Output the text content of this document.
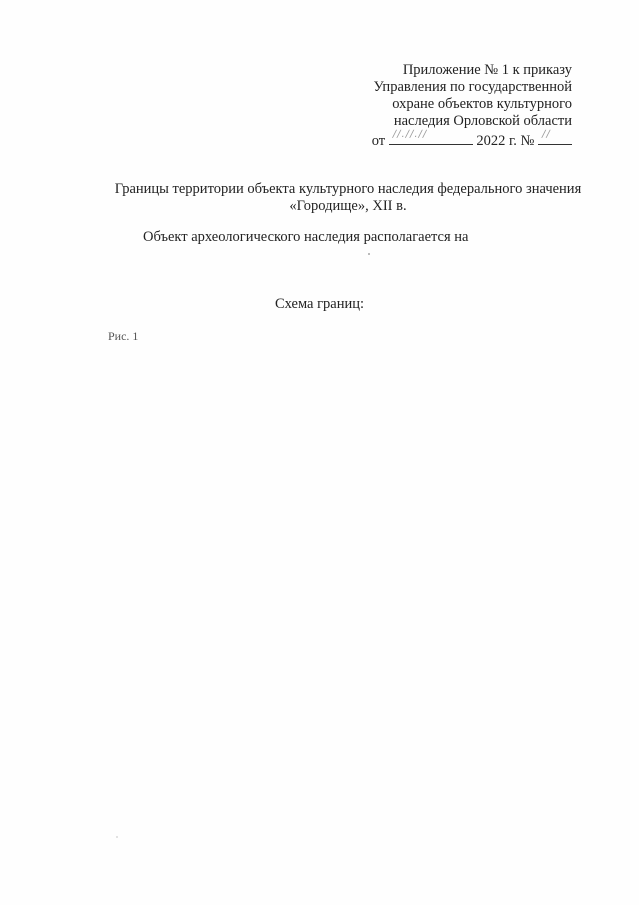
Приложение № 1 к приказу
Управления по государственной
охране объектов культурного
наследия Орловской области
от ∕∕.∕∕.∕∕	2022 г. № ∕∕
Границы территории объекта культурного наследия федерального значения
«Городище», XII в.
Объект археологического наследия располагается на
Схема границ:
Рис. 1
